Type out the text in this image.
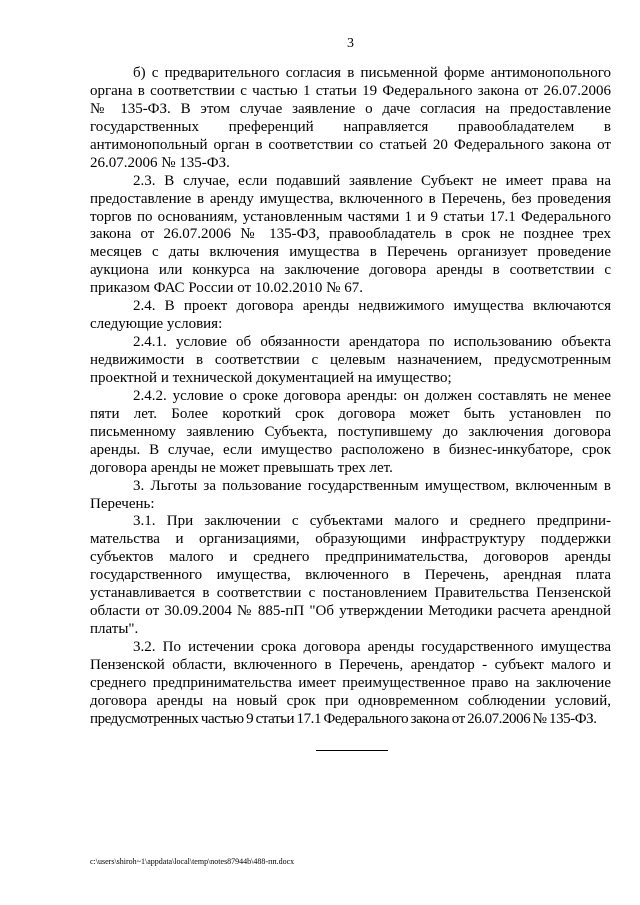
3
б) с предварительного согласия в письменной форме антимонопольного
органа в соответствии с частью 1 статьи 19 Федерального закона от 26.07.2006
№ 135-ФЗ. В этом случае заявление о даче согласия на предоставление
государственных преференций направляется правообладателем в
антимонопольный орган в соответствии со статьей 20 Федерального закона от
26.07.2006 № 135-ФЗ.
2.3. В случае, если подавший заявление Субъект не имеет права на
предоставление в аренду имущества, включенного в Перечень, без проведения
торгов по основаниям, установленным частями 1 и 9 статьи 17.1 Федерального
закона от 26.07.2006 № 135-ФЗ, правообладатель в срок не позднее трех
месяцев с даты включения имущества в Перечень организует проведение
аукциона или конкурса на заключение договора аренды в соответствии с
приказом ФАС России от 10.02.2010 № 67.
2.4. В проект договора аренды недвижимого имущества включаются
следующие условия:
2.4.1. условие об обязанности арендатора по использованию объекта
недвижимости в соответствии с целевым назначением, предусмотренным
проектной и технической документацией на имущество;
2.4.2. условие о сроке договора аренды: он должен составлять не менее
пяти лет. Более короткий срок договора может быть установлен по
письменному заявлению Субъекта, поступившему до заключения договора
аренды. В случае, если имущество расположено в бизнес-инкубаторе, срок
договора аренды не может превышать трех лет.
3. Льготы за пользование государственным имуществом, включенным в
Перечень:
3.1. При заключении с субъектами малого и среднего предприни-
мательства и организациями, образующими инфраструктуру поддержки
субъектов малого и среднего предпринимательства, договоров аренды
государственного имущества, включенного в Перечень, арендная плата
устанавливается в соответствии с постановлением Правительства Пензенской
области от 30.09.2004 № 885-пП "Об утверждении Методики расчета арендной
платы".
3.2. По истечении срока договора аренды государственного имущества
Пензенской области, включенного в Перечень, арендатор - субъект малого и
среднего предпринимательства имеет преимущественное право на заключение
договора аренды на новый срок при одновременном соблюдении условий,
предусмотренных частью 9 статьи 17.1 Федерального закона от 26.07.2006 № 135-ФЗ.
c:\users\shiroh~1\appdata\local\temp\notes87944b\488-пп.docx
